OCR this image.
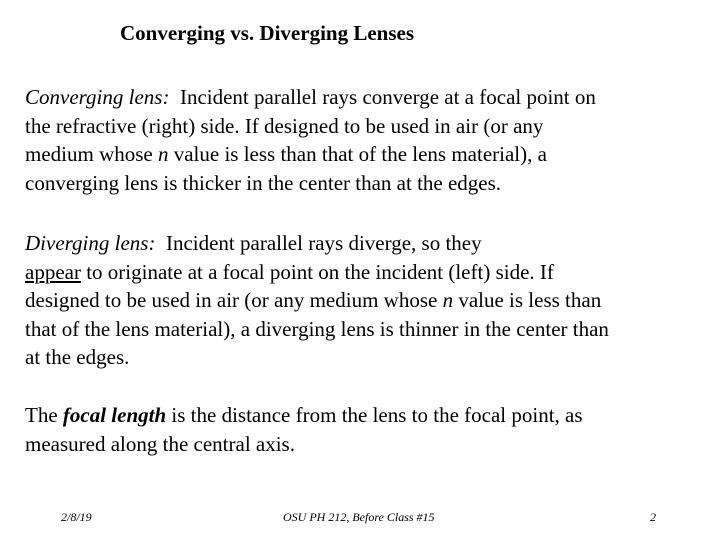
Converging vs. Diverging Lenses
Converging lens: Incident parallel rays converge at a focal point on
the refractive (right) side. If designed to be used in air (or any
medium whose n value is less than that of the lens material), a
converging lens is thicker in the center than at the edges.
Diverging lens: Incident parallel rays diverge, so they
appear to originate at a focal point on the incident (left) side. If
designed to be used in air (or any medium whose n value is less than
that of the lens material), a diverging lens is thinner in the center than
at the edges.
The focal length is the distance from the lens to the focal point, as
measured along the central axis.
2/8/19	OSU PH 212, Before Class #15	2
